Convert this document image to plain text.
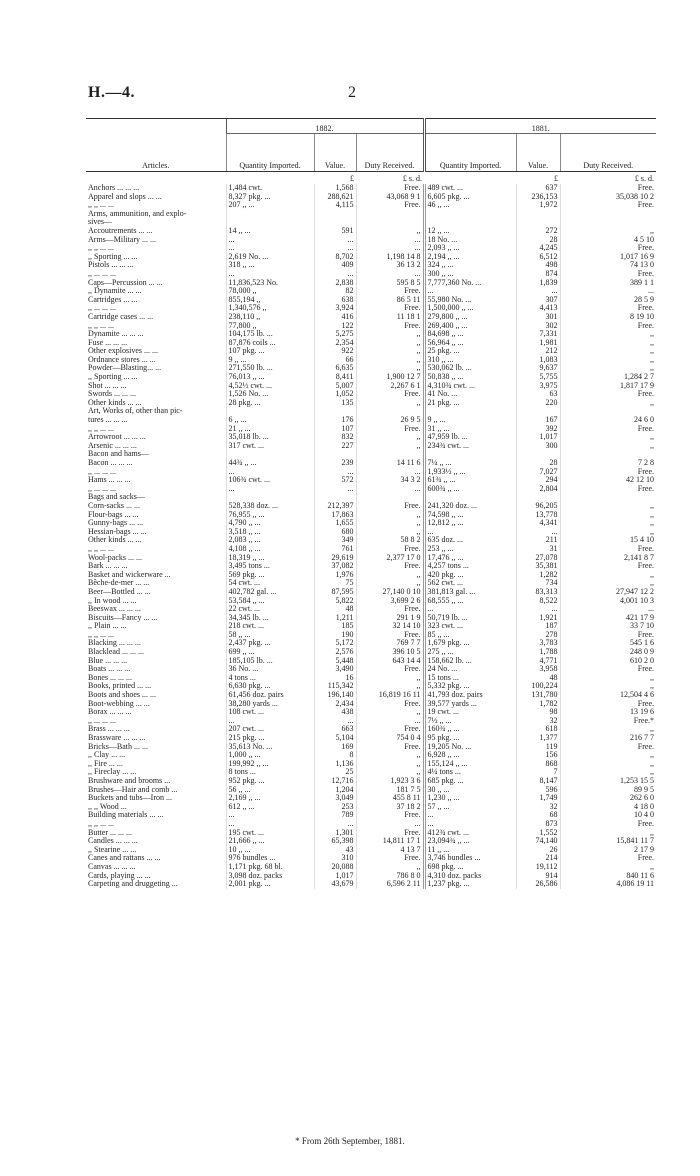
H.—4.	2
Articles.	1882.			1881.		
	Quantity Imported.	Value.	Duty Received.	Quantity Imported.	Value.	Duty Received.
		£	£ s. d.		£	£ s. d.
Anchors ... ... ...	1,484 cwt.	1,568	Free.	489 cwt. ...	637	Free.
Apparel and slops ... ...	8,327 pkg. ...	288,621	43,068 9 1	6,605 pkg. ...	236,153	35,038 10 2
,, ,, ... ...	207 ,, ...	4,115	Free.	46 ,, ...	1,972	Free.
Arms, ammunition, and explo-						
sives—						
Accoutrements ... ...	14 ,, ...	591	,,	12 ,, ...	272	,,
Arms—Military ... ...	...	...	...	18 No. ...	28	4 5 10
,, ,, ... ...	...	...	...	2,093 ,, ...	4,245	Free.
,, Sporting ... ...	2,619 No. ...	8,702	1,198 14 8	2,194 ,, ...	6,512	1,017 16 9
Pistols ... ... ...	318 ,, ...	409	36 13 2	324 ,, ...	498	74 13 0
,, ... ... ...	...	...	...	300 ,, ...	874	Free.
Caps—Percussion ... ...	11,836,523 No.	2,838	595 8 5	7,777,360 No. ...	1,839	389 1 1
,, Dynamite ... ...	78,000 ,,	82	Free.	...	...	...
Cartridges ... ...	855,194 ,,	638	86 5 11	55,980 No. ...	307	28 5 9
,, ... ... ...	1,340,576 ,,	3,924	Free.	1,500,000 ,, ...	4,413	Free.
Cartridge cases ... ...	238,110 ,,	416	11 18 1	279,800 ,, ...	301	8 19 10
,, ,, ... ...	77,800 ,,	122	Free.	269,400 ,, ...	302	Free.
Dynamite ... ... ...	104,175 lb. ...	5,275	,,	84,698 ,, ...	7,331	,,
Fuse ... ... ...	87,876 coils ...	2,354	,,	56,964 ,, ...	1,981	,,
Other explosives ... ...	107 pkg. ...	922	,,	25 pkg. ...	212	,,
Ordnance stores ... ...	9 ,, ...	66	,,	310 ,, ...	1,083	,,
Powder—Blasting... ...	271,550 lb. ...	6,635	,,	530,062 lb. ...	9,637	,,
,, Sporting ... ...	76,013 ,, ...	8,411	1,900 12 7	50,838 ,, ...	5,755	1,284 2 7
Shot ... ... ...	4,52½ cwt. ...	5,007	2,267 6 1	4,310¾ cwt. ...	3,975	1,817 17 9
Swords ... ... ...	1,526 No. ...	1,052	Free.	41 No. ...	63	Free.
Other kinds ... ...	28 pkg. ...	135	,,	21 pkg. ...	220	,,
Art, Works of, other than pic-						
tures ... ... ...	6 ,, ...	176	26 9 5	9 ,, ...	167	24 6 0
,, ,, ... ...	21 ,, ...	107	Free.	31 ,, ...	392	Free.
Arrowroot ... ... ...	35,018 lb. ...	832	,,	47,959 lb. ...	1,017	,,
Arsenic ... ... ...	317 cwt. ...	227	,,	234¾ cwt. ...	300	,,
Bacon and hams—						
Bacon ... ... ...	44¾ ,, ...	239	14 11 6	7¼ ,, ...	28	7 2 8
,, ... ... ...	...	...	...	1,933½ ,, ...	7,027	Free.
Hams ... ... ...	106¾ cwt. ...	572	34 3 2	61¾ ,, ...	294	42 12 10
,, ... ... ...	...	...	...	600¾ ,, ...	2,804	Free.
Bags and sacks—						
Corn-sacks ... ...	528,338 doz. ...	212,397	Free.	241,320 doz. ...	96,205	,,
Flour-bags ... ...	76,955 ,, ...	17,863	,,	74,598 ,, ...	13,778	,,
Gunny-bags ... ...	4,790 ,, ...	1,655	,,	12,812 ,, ...	4,341	,,
Hessian-bags ... ...	3,518 ,, ...	680	,,	...	...	,,
Other kinds ... ...	2,083 ,, ...	349	58 8 2	635 doz. ...	211	15 4 10
,, ,, ... ...	4,108 ,, ...	761	Free.	253 ,, ...	31	Free.
Wool-packs ... ...	18,319 ,, ...	29,619	2,377 17 0	17,476 ,, ...	27,078	2,141 8 7
Bark ... ... ...	3,495 tons ...	37,082	Free.	4,257 tons ...	35,381	Free.
Basket and wickerware ...	569 pkg. ...	1,976	,,	420 pkg. ...	1,282	,,
Bêche-de-mer ... ...	54 cwt. ...	75	,,	562 cwt. ...	734	,,
Beer—Bottled ... ...	402,782 gal. ...	87,595	27,140 0 10	381,813 gal. ...	83,313	27,947 12 2
,, In wood ... ...	53,584 ,, ...	5,822	3,699 2 6	68,555 ,, ...	8,522	4,001 10 3
Beeswax ... ... ...	22 cwt. ...	48	Free.	...	...	...
Biscuits—Fancy ... ...	34,345 lb. ...	1,211	291 1 9	50,719 lb. ...	1,921	421 17 9
,, Plain ... ...	218 cwt. ...	185	32 14 10	323 cwt. ...	187	33 7 10
,, ,, ... ...	58 ,, ...	190	Free.	85 ,, ...	278	Free.
Blacking ... ... ...	2,437 pkg. ...	5,172	769 7 7	1,679 pkg. ...	3,783	545 1 6
Blacklead ... ... ...	699 ,, ...	2,576	396 10 5	275 ,, ...	1,788	248 0 9
Blue ... ... ...	185,105 lb. ...	5,448	643 14 4	158,662 lb. ...	4,771	610 2 0
Boats ... ... ...	36 No. ...	3,490	Free.	24 No. ...	3,958	Free.
Bones ... ... ...	4 tons ...	16	,,	15 tons ...	48	,,
Books, printed ... ...	6,630 pkg. ...	115,342	,,	5,332 pkg. ...	100,224	,,
Boots and shoes ... ...	61,456 doz. pairs	196,140	16,819 16 11	41,793 doz. pairs	131,780	12,504 4 6
Boot-webbing ... ...	38,280 yards ...	2,434	Free.	39,577 yards ...	1,782	Free.
Borax ... ... ...	108 cwt. ...	438	,,	19 cwt. ...	98	13 19 6
,, ... ... ...	...	...	...	7½ ,, ...	32	Free.*
Brass ... ... ...	207 cwt. ...	663	Free.	160¾ ,, ...	618	,,
Brassware ... ... ...	215 pkg. ...	5,104	754 0 4	95 pkg. ...	1,377	216 7 7
Bricks—Bath ... ...	35,613 No. ...	169	Free.	19,205 No. ...	119	Free.
,, Clay ... ...	1,000 ,, ...	8	,,	6,928 ,, ...	156	,,
,, Fire ... ...	199,992 ,, ...	1,136	,,	155,124 ,, ...	868	,,
,, Fireclay ... ...	8 tons ...	25	,,	4¼ tons ...	7	,,
Brushware and brooms ...	952 pkg. ...	12,716	1,923 3 6	685 pkg. ...	8,147	1,253 15 5
Brushes—Hair and comb ...	56 ,, ...	1,204	181 7 5	30 ,, ...	596	89 9 5
Buckets and tubs—Iron ...	2,169 ,, ...	3,049	455 8 11	1,230 ,, ...	1,749	262 6 0
,, ,, Wood ...	612 ,, ...	253	37 18 2	57 ,, ...	32	4 18 0
Building materials ... ...	...	789	Free.	...	68	10 4 0
,, ,, ... ...	...	...	...	...	873	Free.
Butter ... ... ...	195 cwt. ...	1,301	Free.	412¾ cwt. ...	1,552	,,
Candles ... ... ...	21,666 ,, ...	65,398	14,811 17 1	23,094¾ ,, ...	74,140	15,841 11 7
,, Stearine ... ...	10 ,, ...	43	4 13 7	11 ,, ...	26	2 17 9
Canes and rattans ... ...	976 bundles ...	310	Free.	3,746 bundles ...	214	Free.
Canvas ... ... ...	1,171 pkg. 68 bl.	20,088	,,	698 pkg. ...	19,112	,,
Cards, playing ... ...	3,098 doz. packs	1,017	786 8 0	4,310 doz. packs	914	840 11 6
Carpeting and druggeting ...	2,001 pkg. ...	43,679	6,596 2 11	1,237 pkg. ...	26,586	4,086 19 11
* From 26th September, 1881.
